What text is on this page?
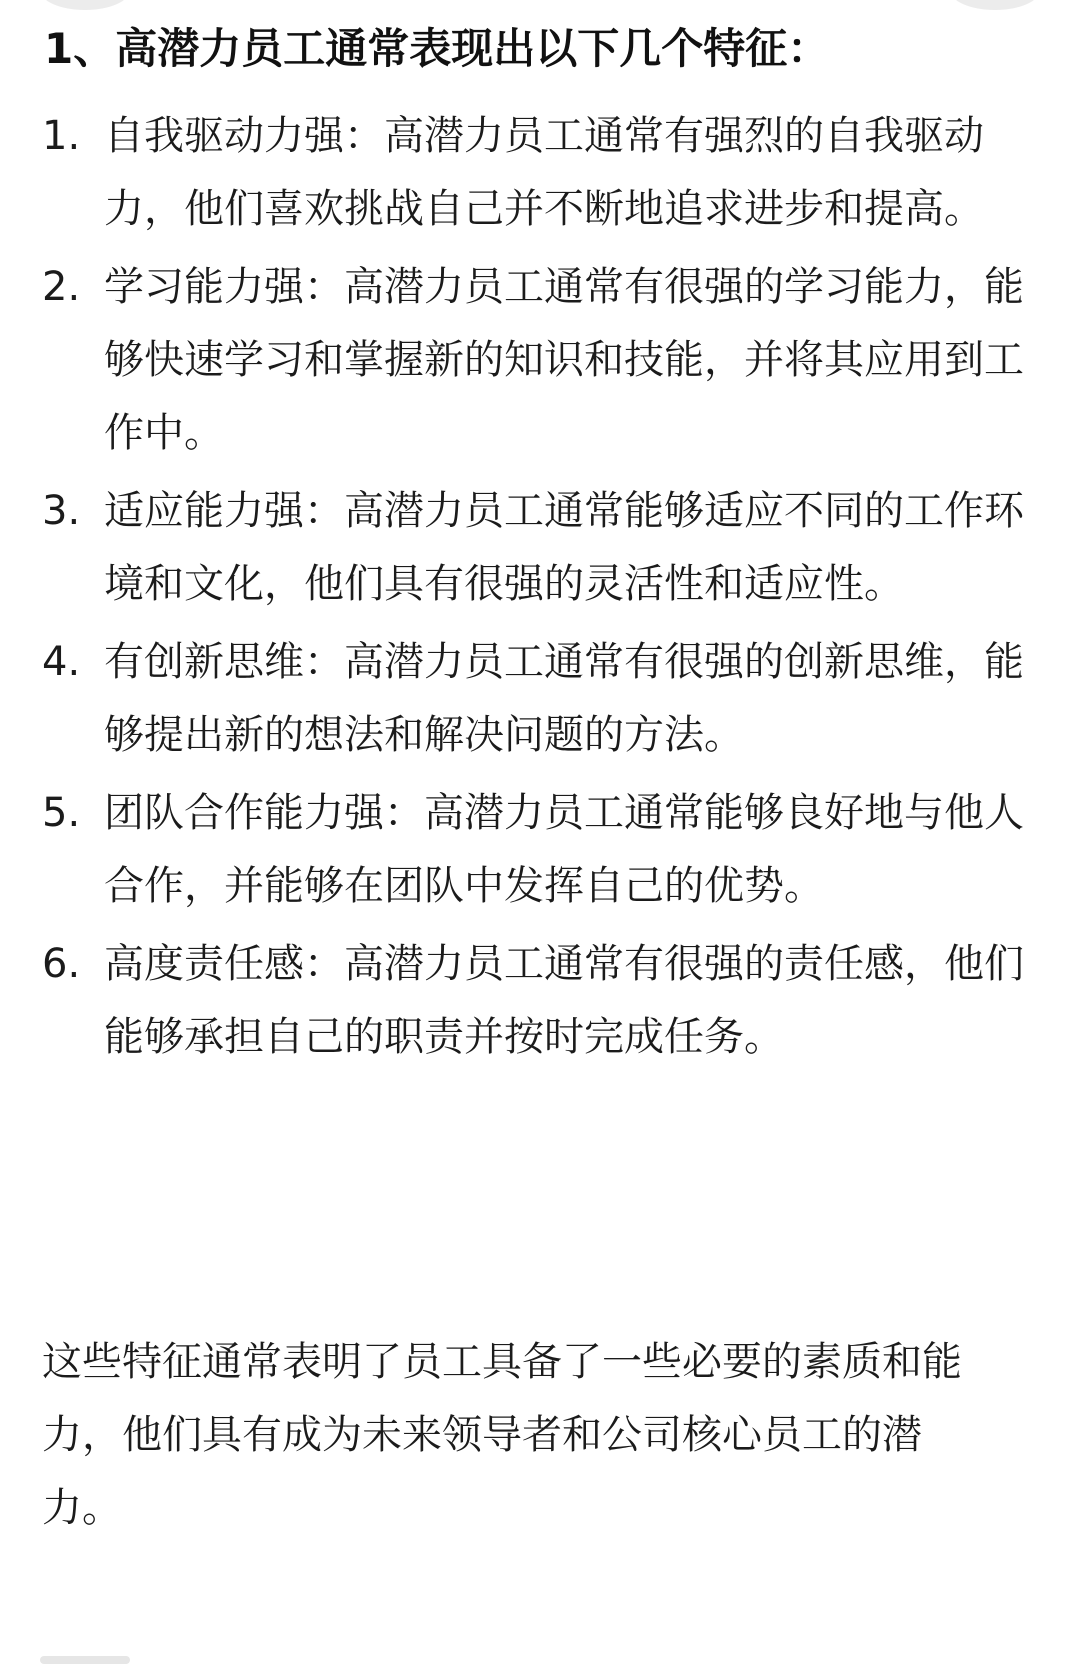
1、高潜力员工通常表现出以下几个特征：
1. 自我驱动力强：高潜力员工通常有强烈的自我驱动力，他们喜欢挑战自己并不断地追求进步和提高。
2. 学习能力强：高潜力员工通常有很强的学习能力，能够快速学习和掌握新的知识和技能，并将其应用到工作中。
3. 适应能力强：高潜力员工通常能够适应不同的工作环境和文化，他们具有很强的灵活性和适应性。
4. 有创新思维：高潜力员工通常有很强的创新思维，能够提出新的想法和解决问题的方法。
5. 团队合作能力强：高潜力员工通常能够良好地与他人合作，并能够在团队中发挥自己的优势。
6. 高度责任感：高潜力员工通常有很强的责任感，他们能够承担自己的职责并按时完成任务。

这些特征通常表明了员工具备了一些必要的素质和能力，他们具有成为未来领导者和公司核心员工的潜力。
